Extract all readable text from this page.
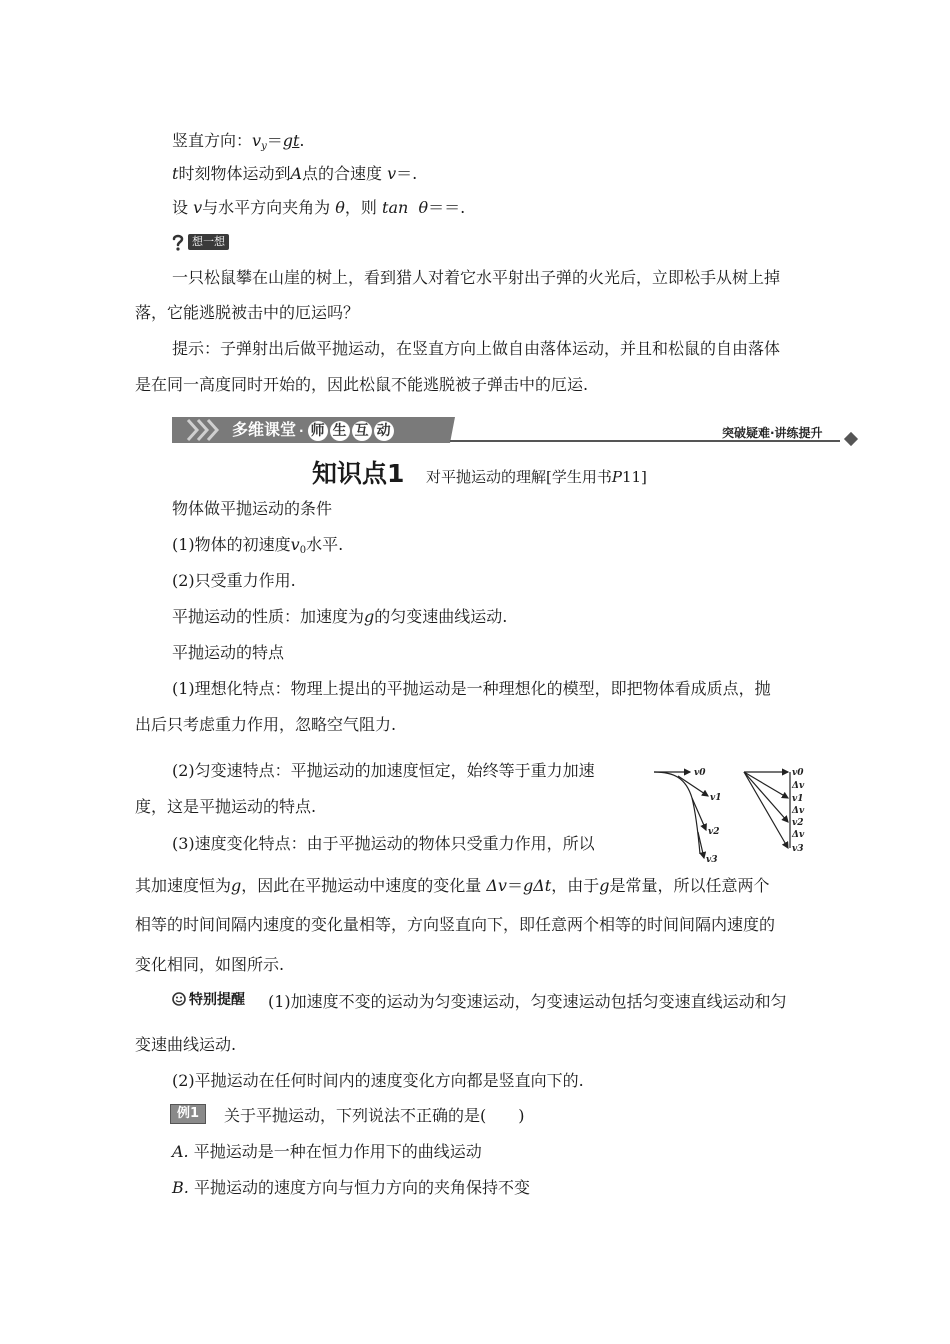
竖直方向：$v_y=gt$.
t时刻物体运动到A点的合速度 v＝.
设 v与水平方向夹角为 θ，则 tan θ＝＝.
想一想
一只松鼠攀在山崖的树上，看到猎人对着它水平射出子弹的火光后，立即松手从树上掉
落，它能逃脱被击中的厄运吗？
提示：子弹射出后做平抛运动，在竖直方向上做自由落体运动，并且和松鼠的自由落体
是在同一高度同时开始的，因此松鼠不能逃脱被子弹击中的厄运.
多维课堂 · 师 生 互 动	突破疑难·讲练提升
知识点1 对平抛运动的理解[学生用书P11]
物体做平抛运动的条件
(1)物体的初速度$v_0$水平.
(2)只受重力作用.
平抛运动的性质：加速度为g的匀变速曲线运动.
平抛运动的特点
(1)理想化特点：物理上提出的平抛运动是一种理想化的模型，即把物体看成质点，抛
出后只考虑重力作用，忽略空气阻力.
(2)匀变速特点：平抛运动的加速度恒定，始终等于重力加速
度，这是平抛运动的特点.
(3)速度变化特点：由于平抛运动的物体只受重力作用，所以
其加速度恒为g，因此在平抛运动中速度的变化量 Δv＝gΔt，由于g是常量，所以任意两个
相等的时间间隔内速度的变化量相等，方向竖直向下，即任意两个相等的时间间隔内速度的
变化相同，如图所示.
v0
v1
v2
v3
v0
Δv
v1
Δv
v2
Δv
v3
特别提醒 (1)加速度不变的运动为匀变速运动，匀变速运动包括匀变速直线运动和匀
变速曲线运动.
(2)平抛运动在任何时间内的速度变化方向都是竖直向下的.
例1	关于平抛运动，下列说法不正确的是(　　)
A. 平抛运动是一种在恒力作用下的曲线运动
B. 平抛运动的速度方向与恒力方向的夹角保持不变
